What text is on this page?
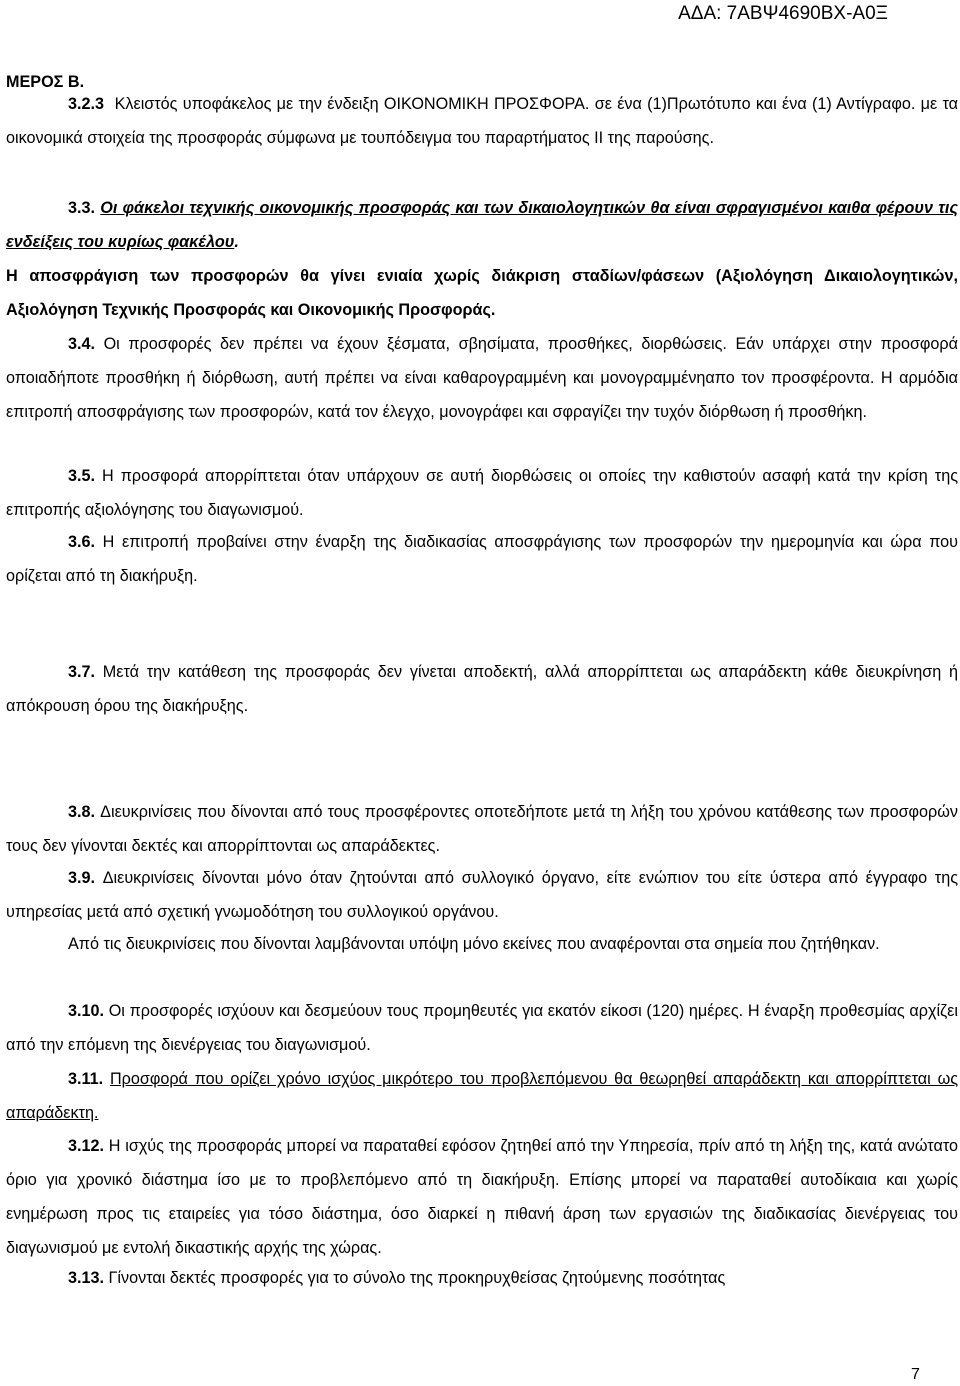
ΑΔΑ: 7ΑΒΨ4690ΒΧ-Α0Ξ
ΜΕΡΟΣ Β.
3.2.3 Κλειστός υποφάκελος με την ένδειξη ΟΙΚΟΝΟΜΙΚΗ ΠΡΟΣΦΟΡΑ. σε ένα (1)Πρωτότυπο και ένα (1) Αντίγραφο. με τα οικονομικά στοιχεία της προσφοράς σύμφωνα με τουπόδειγμα του παραρτήματος ΙΙ της παρούσης.
3.3. Οι φάκελοι τεχνικής οικονομικής προσφοράς και των δικαιολογητικών θα είναι σφραγισμένοι καιθα φέρουν τις ενδείξεις του κυρίως φακέλου.
Η αποσφράγιση των προσφορών θα γίνει ενιαία χωρίς διάκριση σταδίων/φάσεων (Αξιολόγηση Δικαιολογητικών, Αξιολόγηση Τεχνικής Προσφοράς και Οικονομικής Προσφοράς.
3.4. Οι προσφορές δεν πρέπει να έχουν ξέσματα, σβησίματα, προσθήκες, διορθώσεις. Εάν υπάρχει στην προσφορά οποιαδήποτε προσθήκη ή διόρθωση, αυτή πρέπει να είναι καθαρογραμμένη και μονογραμμένηαπο τον προσφέροντα. Η αρμόδια επιτροπή αποσφράγισης των προσφορών, κατά τον έλεγχο, μονογράφει και σφραγίζει την τυχόν διόρθωση ή προσθήκη.
3.5. Η προσφορά απορρίπτεται όταν υπάρχουν σε αυτή διορθώσεις οι οποίες την καθιστούν ασαφή κατά την κρίση της επιτροπής αξιολόγησης του διαγωνισμού.
3.6. Η επιτροπή προβαίνει στην έναρξη της διαδικασίας αποσφράγισης των προσφορών την ημερομηνία και ώρα που ορίζεται από τη διακήρυξη.
3.7. Μετά την κατάθεση της προσφοράς δεν γίνεται αποδεκτή, αλλά απορρίπτεται ως απαράδεκτη κάθε διευκρίνηση ή απόκρουση όρου της διακήρυξης.
3.8. Διευκρινίσεις που δίνονται από τους προσφέροντες οποτεδήποτε μετά τη λήξη του χρόνου κατάθεσης των προσφορών τους δεν γίνονται δεκτές και απορρίπτονται ως απαράδεκτες.
3.9. Διευκρινίσεις δίνονται μόνο όταν ζητούνται από συλλογικό όργανο, είτε ενώπιον του είτε ύστερα από έγγραφο της υπηρεσίας μετά από σχετική γνωμοδότηση του συλλογικού οργάνου.
Από τις διευκρινίσεις που δίνονται λαμβάνονται υπόψη μόνο εκείνες που αναφέρονται στα σημεία που ζητήθηκαν.
3.10. Οι προσφορές ισχύουν και δεσμεύουν τους προμηθευτές για εκατόν είκοσι (120) ημέρες. Η έναρξη προθεσμίας αρχίζει από την επόμενη της διενέργειας του διαγωνισμού.
3.11. Προσφορά που ορίζει χρόνο ισχύος μικρότερο του προβλεπόμενου θα θεωρηθεί απαράδεκτη και απορρίπτεται ως απαράδεκτη.
3.12. Η ισχύς της προσφοράς μπορεί να παραταθεί εφόσον ζητηθεί από την Υπηρεσία, πρίν από τη λήξη της, κατά ανώτατο όριο για χρονικό διάστημα ίσο με το προβλεπόμενο από τη διακήρυξη. Επίσης μπορεί να παραταθεί αυτοδίκαια και χωρίς ενημέρωση προς τις εταιρείες για τόσο διάστημα, όσο διαρκεί η πιθανή άρση των εργασιών της διαδικασίας διενέργειας του διαγωνισμού με εντολή δικαστικής αρχής της χώρας.
3.13. Γίνονται δεκτές προσφορές για το σύνολο της προκηρυχθείσας ζητούμενης ποσότητας
7
